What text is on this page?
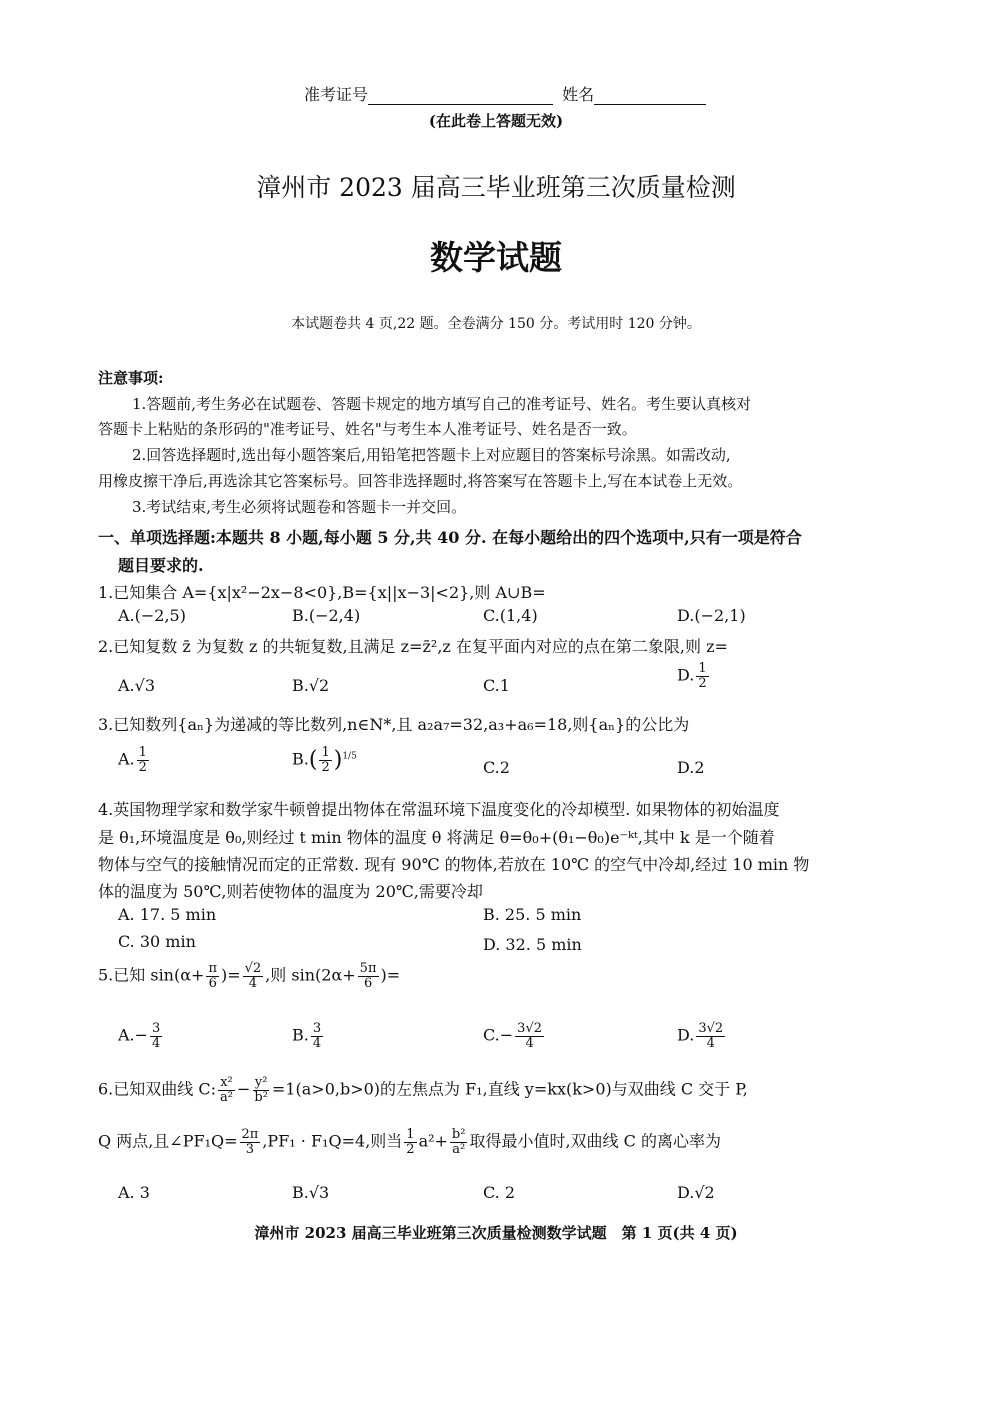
准考证号	姓名
(在此卷上答题无效)
漳州市 2023 届高三毕业班第三次质量检测
数学试题
本试题卷共 4 页,22 题。全卷满分 150 分。考试用时 120 分钟。
注意事项:
1.答题前,考生务必在试题卷、答题卡规定的地方填写自己的准考证号、姓名。考生要认真核对
答题卡上粘贴的条形码的"准考证号、姓名"与考生本人准考证号、姓名是否一致。
2.回答选择题时,选出每小题答案后,用铅笔把答题卡上对应题目的答案标号涂黑。如需改动,
用橡皮擦干净后,再选涂其它答案标号。回答非选择题时,将答案写在答题卡上,写在本试卷上无效。
3.考试结束,考生必须将试题卷和答题卡一并交回。
一、单项选择题:本题共 8 小题,每小题 5 分,共 40 分. 在每小题给出的四个选项中,只有一项是符合
题目要求的.
1.已知集合 A={x|x²−2x−8<0},B={x||x−3|<2},则 A∪B=
A.(−2,5)	B.(−2,4)	C.(1,4)	D.(−2,1)
2.已知复数 z̄ 为复数 z 的共轭复数,且满足 z=z̄²,z 在复平面内对应的点在第二象限,则 z=
A.√3	B.√2	C.1
D. $\frac{1}{2}$
3.已知数列{aₙ}为递减的等比数列,n∈N*,且 a₂a₇=32,a₃+a₆=18,则{aₙ}的公比为
A. $\frac{1}{2}$	$B.( \frac{1}{2} )^{1/5}$
C.2	D.2
4.英国物理学家和数学家牛顿曾提出物体在常温环境下温度变化的冷却模型. 如果物体的初始温度
是 θ₁,环境温度是 θ₀,则经过 t min 物体的温度 θ 将满足 θ=θ₀+(θ₁−θ₀)e⁻ᵏᵗ,其中 k 是一个随着
物体与空气的接触情况而定的正常数. 现有 90℃ 的物体,若放在 10℃ 的空气中冷却,经过 10 min 物
体的温度为 50℃,则若使物体的温度为 20℃,需要冷却
A. 17. 5 min	B. 25. 5 min
C. 30 min	D. 32. 5 min
5.已知 $\sin(\alpha+ \frac{\pi}{6}$ )= $\frac{√2}{4}$ ,则 $\sin(2\alpha+ \frac{5\pi}{6}$ )=
$A.- \frac{3}{4}$	B. $\frac{3}{4}$	$C.- \frac{3√2}{4}$	D. $\frac{3√2}{4}$
6.已知双曲线 C: $\frac{\text{x²}}{\text{a²}} - \frac{\text{y²}}{\text{b²}} =1(a>0,b>0)$的左焦点为 F₁,直线 y=kx(k>0)与双曲线 C 交于 P,
Q 两点,且∠PF₁Q= $\frac{2\pi}{3} ,PF_1 \cdot F_1Q=4$,则当 $\frac{1}{2} a^2+ \frac{\text{b²}}{\text{a²}}$ 取得最小值时,双曲线 C 的离心率为
A. 3	B.√3	C. 2	D.√2
漳州市 2023 届高三毕业班第三次质量检测数学试题　第 1 页(共 4 页)
